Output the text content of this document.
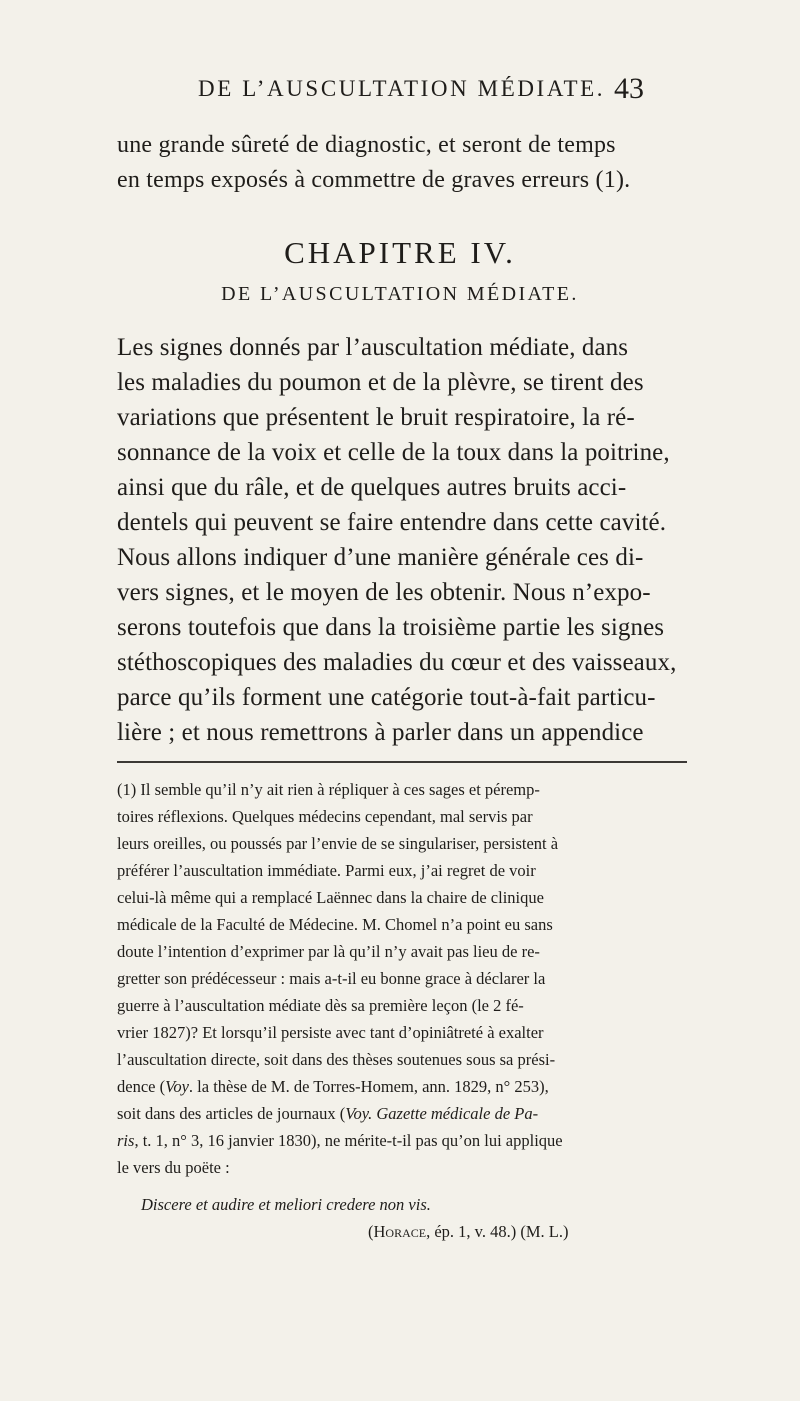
DE L’AUSCULTATION MÉDIATE. 43
une grande sûreté de diagnostic, et seront de temps
en temps exposés à commettre de graves erreurs (1).
CHAPITRE IV.
DE L’AUSCULTATION MÉDIATE.
Les signes donnés par l’auscultation médiate, dans
les maladies du poumon et de la plèvre, se tirent des
variations que présentent le bruit respiratoire, la ré-
sonnance de la voix et celle de la toux dans la poitrine,
ainsi que du râle, et de quelques autres bruits acci-
dentels qui peuvent se faire entendre dans cette cavité.
Nous allons indiquer d’une manière générale ces di-
vers signes, et le moyen de les obtenir. Nous n’expo-
serons toutefois que dans la troisième partie les signes
stéthoscopiques des maladies du cœur et des vaisseaux,
parce qu’ils forment une catégorie tout-à-fait particu-
lière ; et nous remettrons à parler dans un appendice
(1) Il semble qu’il n’y ait rien à répliquer à ces sages et péremp-
toires réflexions. Quelques médecins cependant, mal servis par
leurs oreilles, ou poussés par l’envie de se singulariser, persistent à
préférer l’auscultation immédiate. Parmi eux, j’ai regret de voir
celui-là même qui a remplacé Laënnec dans la chaire de clinique
médicale de la Faculté de Médecine. M. Chomel n’a point eu sans
doute l’intention d’exprimer par là qu’il n’y avait pas lieu de re-
gretter son prédécesseur : mais a-t-il eu bonne grace à déclarer la
guerre à l’auscultation médiate dès sa première leçon (le 2 fé-
vrier 1827)? Et lorsqu’il persiste avec tant d’opiniâtreté à exalter
l’auscultation directe, soit dans des thèses soutenues sous sa prési-
dence (Voy. la thèse de M. de Torres-Homem, ann. 1829, n° 253),
soit dans des articles de journaux (Voy. Gazette médicale de Pa-
ris, t. 1, n° 3, 16 janvier 1830), ne mérite-t-il pas qu’on lui applique
le vers du poëte :
Discere et audire et meliori credere non vis.
(Horace, ép. 1, v. 48.) (M. L.)
